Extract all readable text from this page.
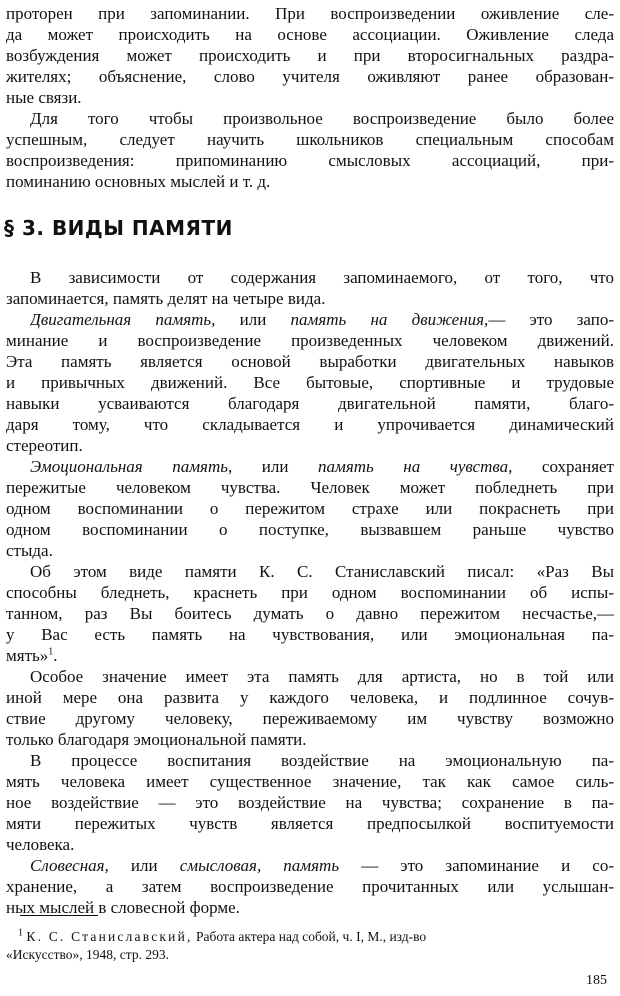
проторен при запоминании. При воспроизведении оживление сле-
да может происходить на основе ассоциации. Оживление следа
возбуждения может происходить и при второсигнальных раздра-
жителях; объяснение, слово учителя оживляют ранее образован-
ные связи.
Для того чтобы произвольное воспроизведение было более
успешным, следует научить школьников специальным способам
воспроизведения: припоминанию смысловых ассоциаций, при-
поминанию основных мыслей и т. д.
§ 3. ВИДЫ ПАМЯТИ
В зависимости от содержания запоминаемого, от того, что
запоминается, память делят на четыре вида.
Двигательная память, или память на движения,— это запо-
минание и воспроизведение произведенных человеком движений.
Эта память является основой выработки двигательных навыков
и привычных движений. Все бытовые, спортивные и трудовые
навыки усваиваются благодаря двигательной памяти, благо-
даря тому, что складывается и упрочивается динамический
стереотип.
Эмоциональная память, или память на чувства, сохраняет
пережитые человеком чувства. Человек может побледнеть при
одном воспоминании о пережитом страхе или покраснеть при
одном воспоминании о поступке, вызвавшем раньше чувство
стыда.
Об этом виде памяти К. С. Станиславский писал: «Раз Вы
способны бледнеть, краснеть при одном воспоминании об испы-
танном, раз Вы боитесь думать о давно пережитом несчастье,—
у Вас есть память на чувствования, или эмоциональная па-
мять»$^1$.
Особое значение имеет эта память для артиста, но в той или
иной мере она развита у каждого человека, и подлинное сочув-
ствие другому человеку, переживаемому им чувству возможно
только благодаря эмоциональной памяти.
В процессе воспитания воздействие на эмоциональную па-
мять человека имеет существенное значение, так как самое силь-
ное воздействие — это воздействие на чувства; сохранение в па-
мяти пережитых чувств является предпосылкой воспитуемости
человека.
Словесная, или смысловая, память — это запоминание и со-
хранение, а затем воспроизведение прочитанных или услышан-
ных мыслей в словесной форме.
$^1$ К. С. Станиславский, Работа актера над собой, ч. I, М., изд-во
«Искусство», 1948, стр. 293.
185
